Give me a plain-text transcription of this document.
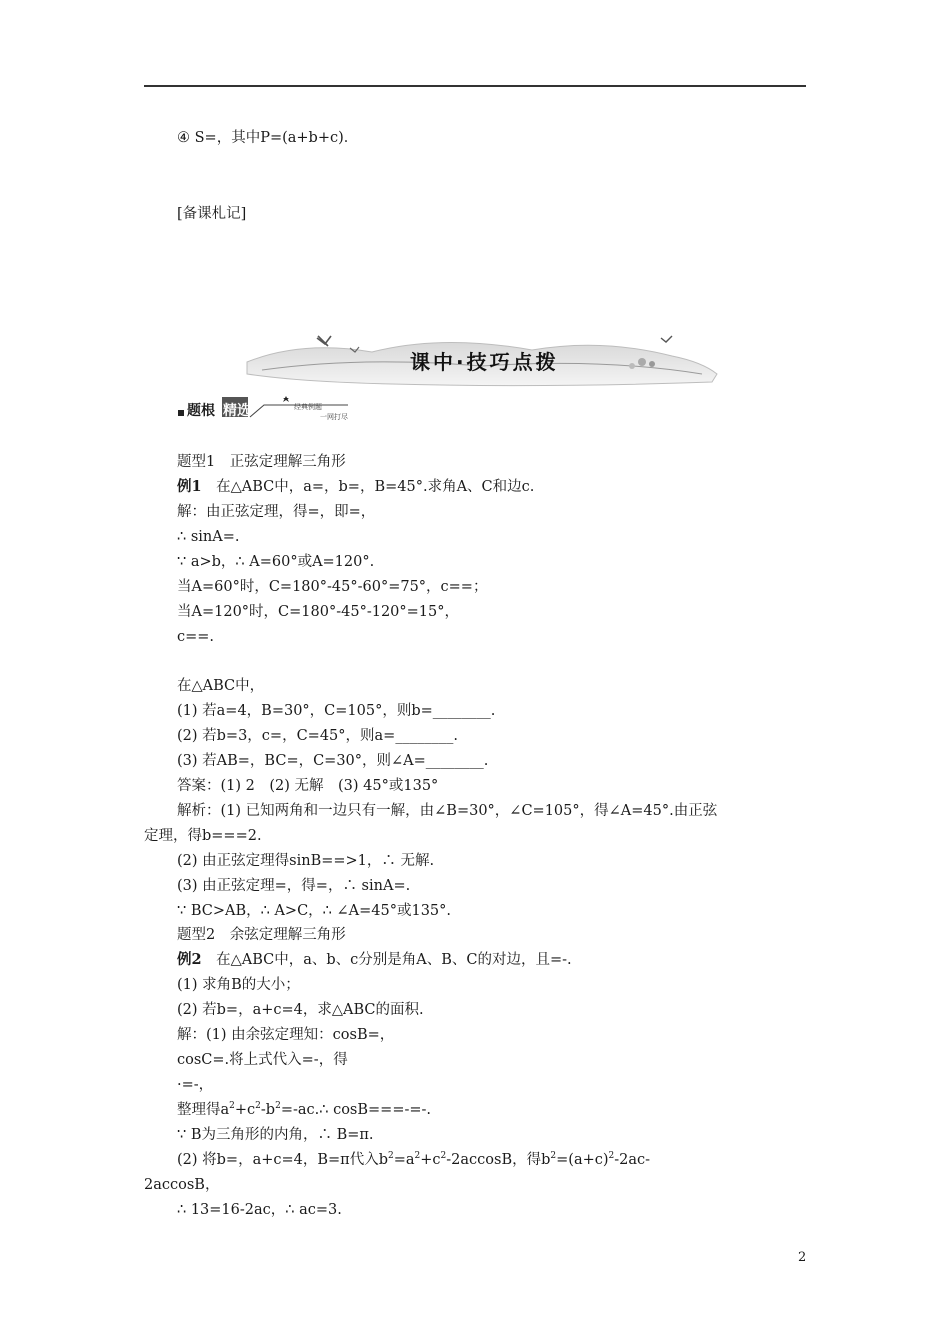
④ S=，其中P=(a+b+c)．
[备课札记]
课中·技巧点拨
题根 精选	经典例题
一网打尽
题型1　正弦定理解三角形
例1　 在△ABC中，a=，b=，B=45°.求角A、C和边c.
解：由正弦定理，得=，即=，
∴ sinA=.
∵ a>b，∴ A=60°或A=120°.
当A=60°时，C=180°-45°-60°=75°，c==；
当A=120°时，C=180°-45°-120°=15°，
c==.
在△ABC中，
(1) 若a=4，B=30°，C=105°，则b=________.
(2) 若b=3，c=，C=45°，则a=________.
(3) 若AB=，BC=，C=30°，则∠A=________.
答案：(1) 2　(2) 无解　(3) 45°或135°
解析：(1) 已知两角和一边只有一解，由∠B=30°，∠C=105°，得∠A=45°.由正弦
定理，得b===2.
(2) 由正弦定理得sinB==>1，∴ 无解.
(3) 由正弦定理=，得=，∴ sinA=.
∵ BC>AB，∴ A>C，∴ ∠A=45°或135°.
题型2　余弦定理解三角形
例2　 在△ABC中，a、b、c分别是角A、B、C的对边，且=-.
(1) 求角B的大小；
(2) 若b=，a+c=4，求△ABC的面积.
解：(1) 由余弦定理知：cosB=，
cosC=.将上式代入=-，得
·=-，
整理得$a^2+c^2-b^2=-ac.\therefore$ cosB===-=-.
∵ B为三角形的内角，∴ B=π.
(2) 将b=，a+c=4，B=π代入$b^2=a^2+c^2-2accosB$，得$b^2=(a+c)^2-2ac-$
2accosB，
∴ 13=16-2ac，∴ ac=3.
2
